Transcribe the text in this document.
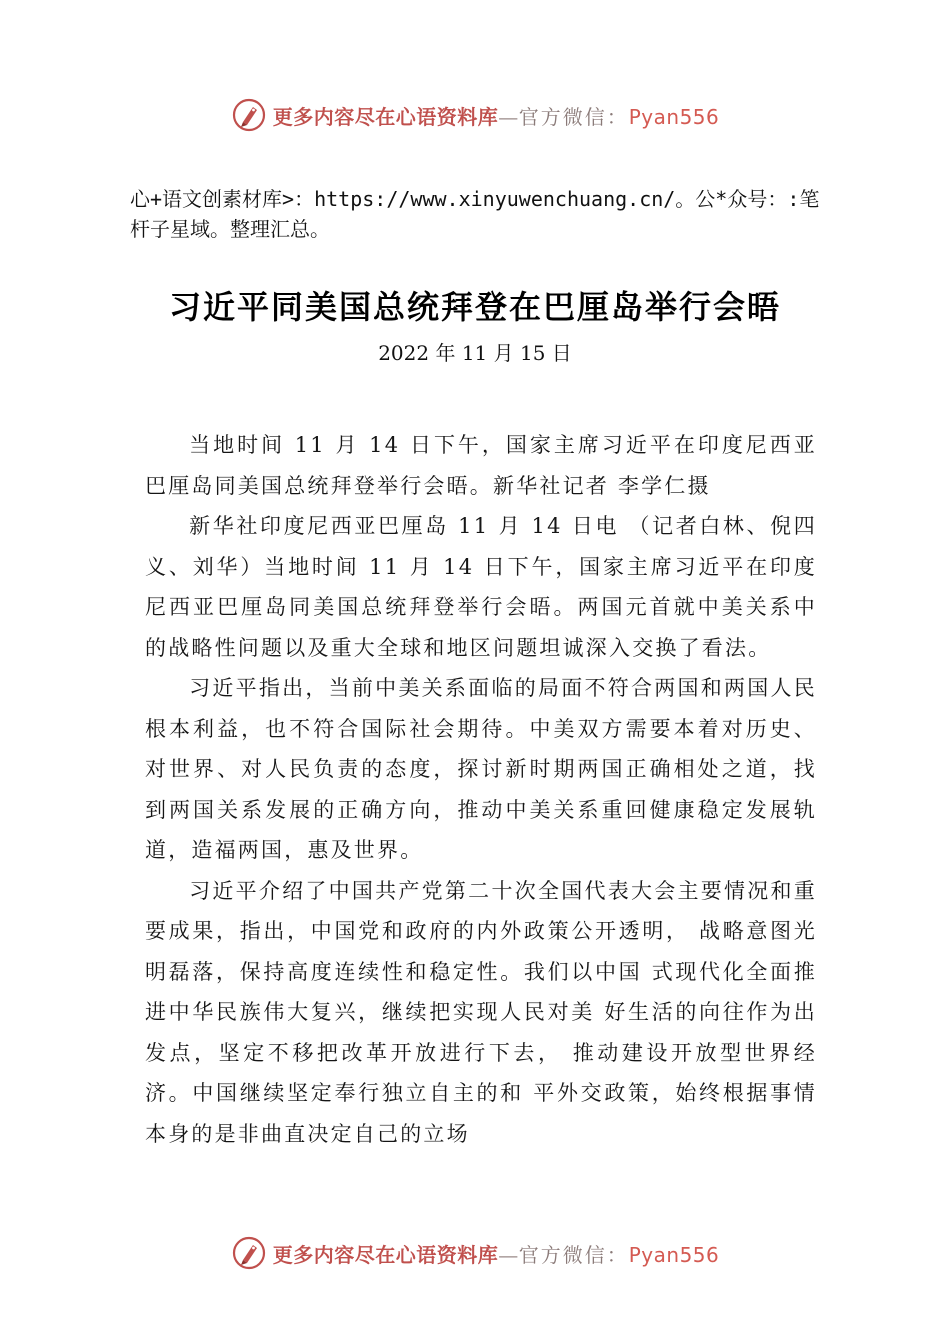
更多内容尽在心语资料库—官方微信：Pyan556
心+语文创素材库>：https://www.xinyuwenchuang.cn/。公*众号：:笔杆子星域。整理汇总。
习近平同美国总统拜登在巴厘岛举行会晤
2022 年 11 月 15 日

当地时间 11 月 14 日下午，国家主席习近平在印度尼西亚巴厘岛同美国总统拜登举行会晤。新华社记者 李学仁摄

新华社印度尼西亚巴厘岛 11 月 14 日电 （记者白林、倪四义、刘华）当地时间 11 月 14 日下午，国家主席习近平在印度尼西亚巴厘岛同美国总统拜登举行会晤。两国元首就中美关系中的战略性问题以及重大全球和地区问题坦诚深入交换了看法。

习近平指出，当前中美关系面临的局面不符合两国和两国人民根本利益，也不符合国际社会期待。中美双方需要本着对历史、对世界、对人民负责的态度，探讨新时期两国正确相处之道，找到两国关系发展的正确方向，推动中美关系重回健康稳定发展轨道，造福两国，惠及世界。

习近平介绍了中国共产党第二十次全国代表大会主要情况和重要成果，指出，中国党和政府的内外政策公开透明， 战略意图光明磊落，保持高度连续性和稳定性。我们以中国 式现代化全面推进中华民族伟大复兴，继续把实现人民对美 好生活的向往作为出发点，坚定不移把改革开放进行下去， 推动建设开放型世界经济。中国继续坚定奉行独立自主的和 平外交政策，始终根据事情本身的是非曲直决定自己的立场

更多内容尽在心语资料库—官方微信：Pyan556
